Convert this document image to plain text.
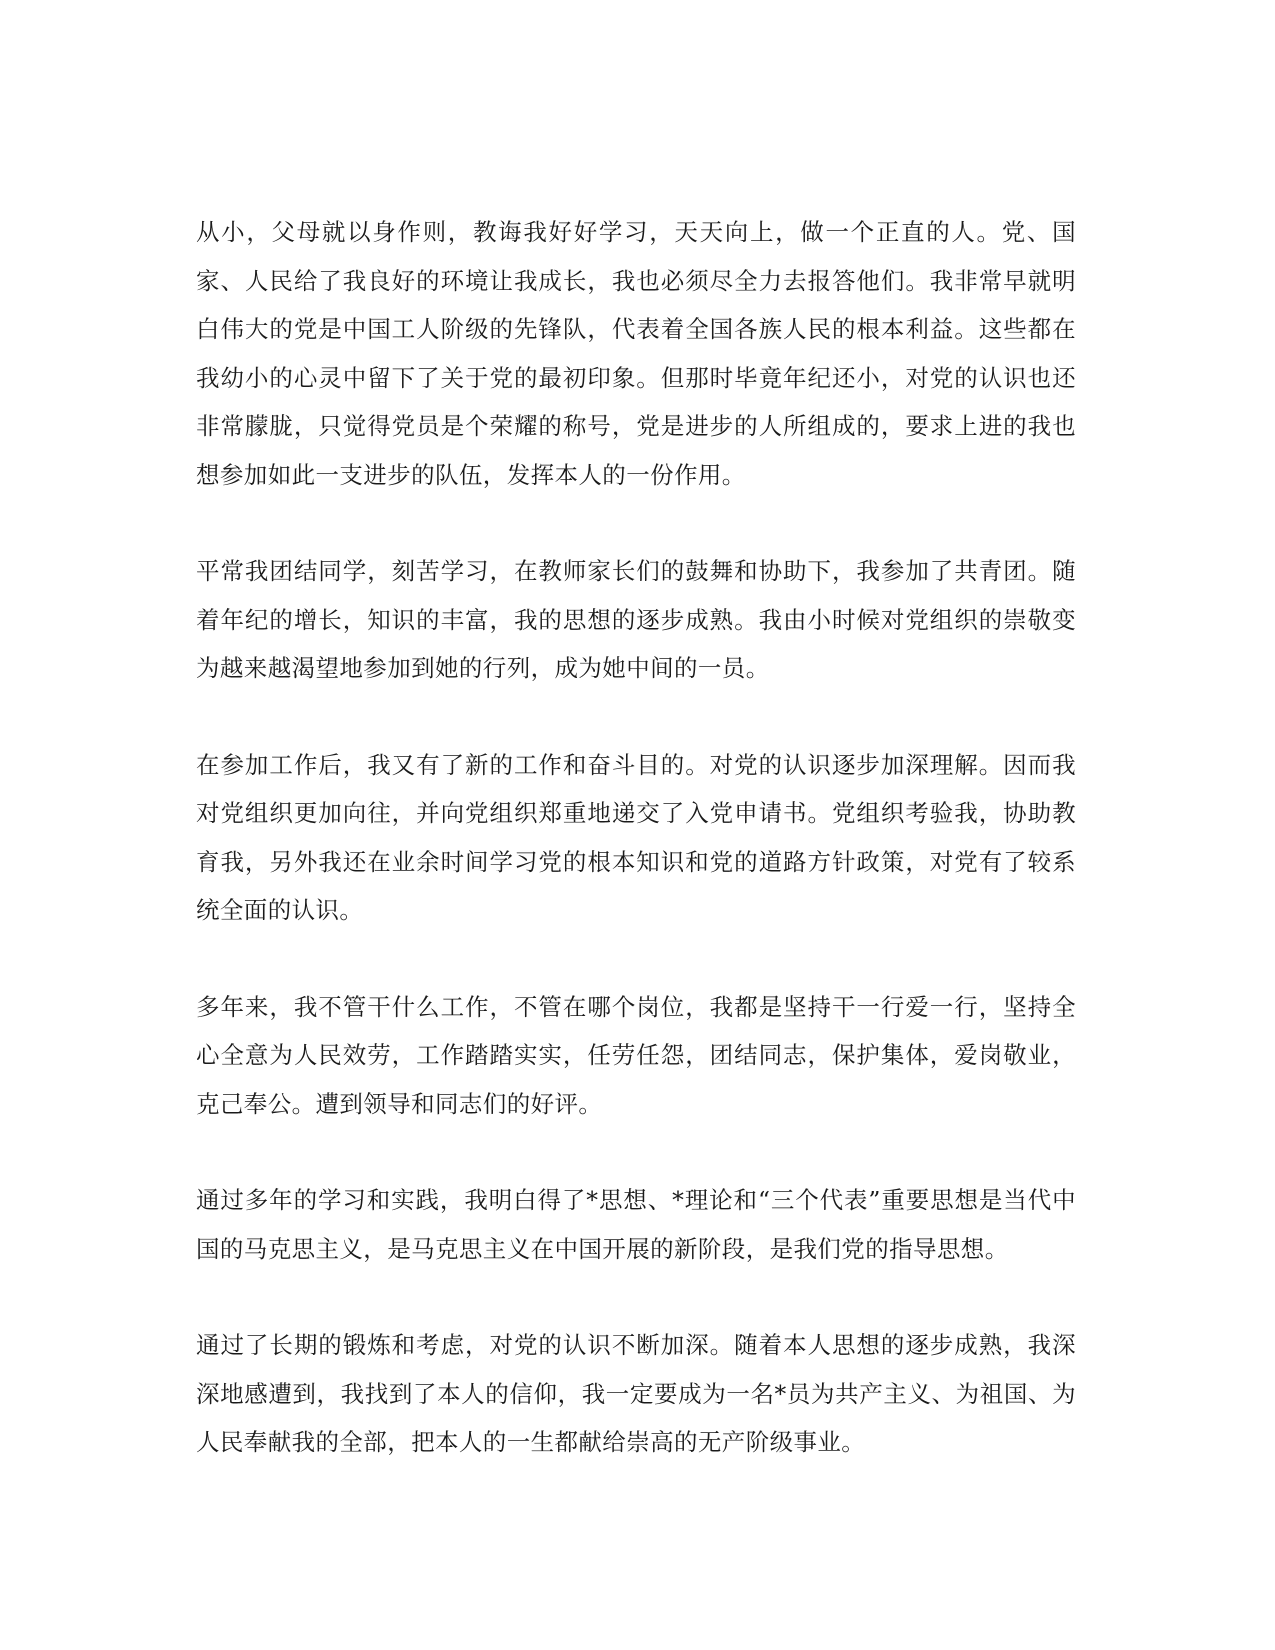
从小，父母就以身作则，教诲我好好学习，天天向上，做一个正直的人。党、国家、人民给了我良好的环境让我成长，我也必须尽全力去报答他们。我非常早就明白伟大的党是中国工人阶级的先锋队，代表着全国各族人民的根本利益。这些都在我幼小的心灵中留下了关于党的最初印象。但那时毕竟年纪还小，对党的认识也还非常朦胧，只觉得党员是个荣耀的称号，党是进步的人所组成的，要求上进的我也想参加如此一支进步的队伍，发挥本人的一份作用。

平常我团结同学，刻苦学习，在教师家长们的鼓舞和协助下，我参加了共青团。随着年纪的增长，知识的丰富，我的思想的逐步成熟。我由小时候对党组织的崇敬变为越来越渴望地参加到她的行列，成为她中间的一员。

在参加工作后，我又有了新的工作和奋斗目的。对党的认识逐步加深理解。因而我对党组织更加向往，并向党组织郑重地递交了入党申请书。党组织考验我，协助教育我，另外我还在业余时间学习党的根本知识和党的道路方针政策，对党有了较系统全面的认识。

多年来，我不管干什么工作，不管在哪个岗位，我都是坚持干一行爱一行，坚持全心全意为人民效劳，工作踏踏实实，任劳任怨，团结同志，保护集体，爱岗敬业，克己奉公。遭到领导和同志们的好评。

通过多年的学习和实践，我明白得了*思想、*理论和“三个代表”重要思想是当代中国的马克思主义，是马克思主义在中国开展的新阶段，是我们党的指导思想。

通过了长期的锻炼和考虑，对党的认识不断加深。随着本人思想的逐步成熟，我深深地感遭到，我找到了本人的信仰，我一定要成为一名*员为共产主义、为祖国、为人民奉献我的全部，把本人的一生都献给崇高的无产阶级事业。
